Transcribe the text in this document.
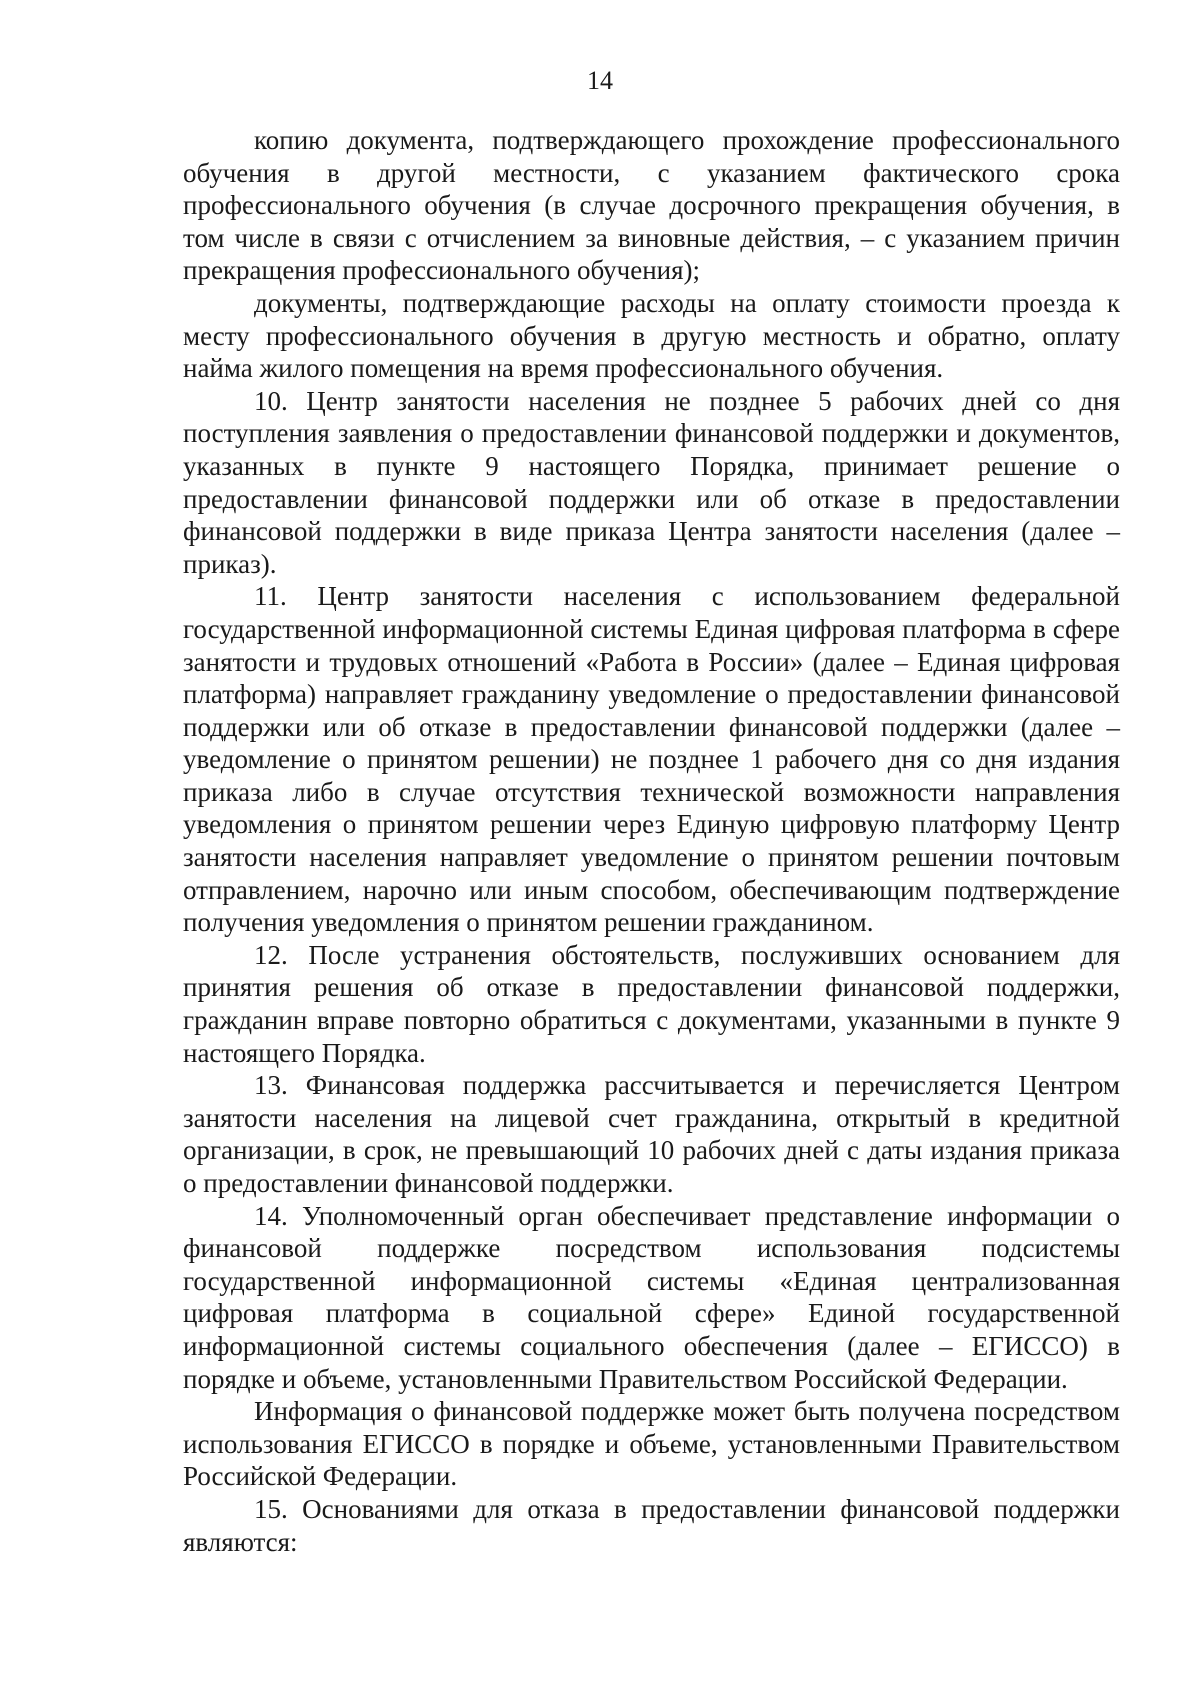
14

копию документа, подтверждающего прохождение профессионального обучения в другой местности, с указанием фактического срока профессионального обучения (в случае досрочного прекращения обучения, в том числе в связи с отчислением за виновные действия, – с указанием причин прекращения профессионального обучения);

документы, подтверждающие расходы на оплату стоимости проезда к месту профессионального обучения в другую местность и обратно, оплату найма жилого помещения на время профессионального обучения.

10. Центр занятости населения не позднее 5 рабочих дней со дня поступления заявления о предоставлении финансовой поддержки и документов, указанных в пункте 9 настоящего Порядка, принимает решение о предоставлении финансовой поддержки или об отказе в предоставлении финансовой поддержки в виде приказа Центра занятости населения (далее – приказ).

11. Центр занятости населения с использованием федеральной государственной информационной системы Единая цифровая платформа в сфере занятости и трудовых отношений «Работа в России» (далее – Единая цифровая платформа) направляет гражданину уведомление о предоставлении финансовой поддержки или об отказе в предоставлении финансовой поддержки (далее – уведомление о принятом решении) не позднее 1 рабочего дня со дня издания приказа либо в случае отсутствия технической возможности направления уведомления о принятом решении через Единую цифровую платформу Центр занятости населения направляет уведомление о принятом решении почтовым отправлением, нарочно или иным способом, обеспечивающим подтверждение получения уведомления о принятом решении гражданином.

12. После устранения обстоятельств, послуживших основанием для принятия решения об отказе в предоставлении финансовой поддержки, гражданин вправе повторно обратиться с документами, указанными в пункте 9 настоящего Порядка.

13. Финансовая поддержка рассчитывается и перечисляется Центром занятости населения на лицевой счет гражданина, открытый в кредитной организации, в срок, не превышающий 10 рабочих дней с даты издания приказа о предоставлении финансовой поддержки.

14. Уполномоченный орган обеспечивает представление информации о финансовой поддержке посредством использования подсистемы государственной информационной системы «Единая централизованная цифровая платформа в социальной сфере» Единой государственной информационной системы социального обеспечения (далее – ЕГИССО) в порядке и объеме, установленными Правительством Российской Федерации.

Информация о финансовой поддержке может быть получена посредством использования ЕГИССО в порядке и объеме, установленными Правительством Российской Федерации.

15. Основаниями для отказа в предоставлении финансовой поддержки являются:
